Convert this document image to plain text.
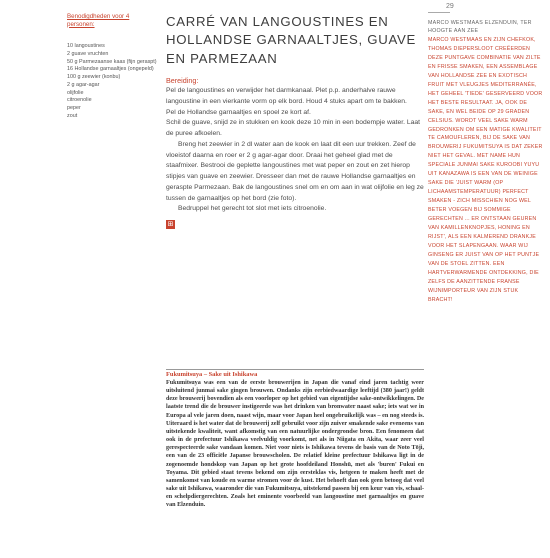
Benodigdheden voor 4 personen:
10 langoustines
2 guave vruchten
50 g Parmezaanse kaas (fijn geraspt)
16 Hollandse garnaaltjes (ongepeld)
100 g zeewier (konbu)
2 g agar-agar
olijfolie
citroenolie
peper
zout
⊞
CARRÉ VAN LANGOUSTINES EN HOLLANDSE GARNAALTJES, GUAVE EN PARMEZAAN
Bereiding:

Pel de langoustines en verwijder het darmkanaal. Plet p.p. anderhalve rauwe langoustine in een vierkante vorm op elk bord. Houd 4 stuks apart om te bakken.

Pel de Hollandse garnaaltjes en spoel ze kort af.

Schil de guave, snijd ze in stukken en kook deze 10 min in een bodempje water. Laat de puree afkoelen.

Breng het zeewier in 2 dl water aan de kook en laat dit een uur trekken. Zeef de vloeistof daarna en roer er 2 g agar-agar door. Draai het geheel glad met de staafmixer. Bestrooi de geplette langoustines met wat peper en zout en zet hierop stipjes van guave en zeewier. Dresseer dan met de rauwe Hollandse garnaaltjes en geraspte Parmezaan. Bak de langoustines snel om en om aan in wat olijfolie en leg ze tussen de garnaaltjes op het bord (zie foto).

Bedruppel het gerecht tot slot met iets citroenolie.

29
MARCO WESTMAAS ELZENDUIN, TER HOOGTE AAN ZEE
MARCO WESTMAAS EN ZIJN CHEFKOK, THOMAS DIEPERSLOOT CREËERDEN DEZE PUNTGAVE COMBINATIE VAN ZILTE EN FRISSE SMAKEN, EEN ASSEMBLAGE VAN HOLLANDSE ZEE EN EXOTISCH FRUIT MET VLEUGJES MEDITERRANÉE, HET GEHEEL 'TIEDE' GESERVEERD VOOR HET BESTE RESULTAAT. JA, OOK DE SAKE, EN WEL BEIDE OP 29 GRADEN CELSIUS. WORDT VEEL SAKE WARM GEDRONKEN OM EEN MATIGE KWALITEIT TE CAMOUFLEREN, BIJ DE SAKE VAN BROUWERIJ FUKUMITSUYA IS DAT ZEKER NIET HET GEVAL. MET NAME HUN SPECIALE JUNMAI SAKE KUROOBI YUYU UIT KANAZAWA IS EEN VAN DE WEINIGE SAKE DIE 'JUIST WARM (OP LICHAAMSTEMPERATUUR) PERFECT SMAKEN - ZICH MISSCHIEN NOG WEL BETER VOEGEN BIJ SOMMIGE GERECHTEN ... ER ONTSTAAN GEUREN VAN KAMILLENKNOPJES, HONING EN RIJST', ALS EEN KALMEREND DRANKJE VOOR HET SLAPENGAAN. WAAR WIJ GINSENG ER JUIST VAN OP HET PUNTJE VAN DE STOEL ZITTEN. EEN HARTVERWARMENDE ONTDEKKING, DIE ZELFS DE AANZITTENDE FRANSE WIJNIMPORTEUR VAN ZIJN STUK BRACHT!
Fukumitsuya – Sake uit Ishikawa
Fukumitsuya was een van de eerste brouwerijen in Japan die vanaf eind jaren tachtig weer uitsluitend junmai sake gingen brouwen. Ondanks zijn eerbiedwaardige leeftijd (380 jaar!) geldt deze brouwerij bovendien als een voorloper op het gebied van eigentijdse sake-ontwikkelingen. De laatste trend die de brouwer instigeerde was het drinken van bronwater naast sake; iets wat we in Europa al vele jaren doen, naast wijn, maar voor Japan heel ongebruikelijk was – en nog steeds is. Uiteraard is het water dat de brouwerij zelf gebruikt voor zijn zuiver smakende sake eveneens van uitstekende kwaliteit, want afkomstig van een natuurlijke ondergrondse bron. Een fenomeen dat ook in de prefectuur Ishikawa veelvuldig voorkomt, net als in Niigata en Akita, waar zeer veel gerespecteerde sake vandaan komen. Niet voor niets is Ishikawa tevens de basis van de Noto Tōji, een van de 23 officiële Japanse brouwscholen. De relatief kleine prefectuur Ishikawa ligt in de zogenoemde hondskop van Japan op het grote hoofdeiland Honshū, met als 'buren' Fukui en Toyama. Dit gebied staat tevens bekend om zijn eersteklas vis, hetgeen te maken heeft met de samenkomst van koude en warme stromen voor de kust. Het behoeft dan ook geen betoog dat veel sake uit Ishikawa, waaronder die van Fukumitsuya, uitstekend passen bij een keur van vis, schaal- en schelpdiergerechten. Zoals het eminente voorbeeld van langoustine met garnaaltjes en guave van Elzenduin.
